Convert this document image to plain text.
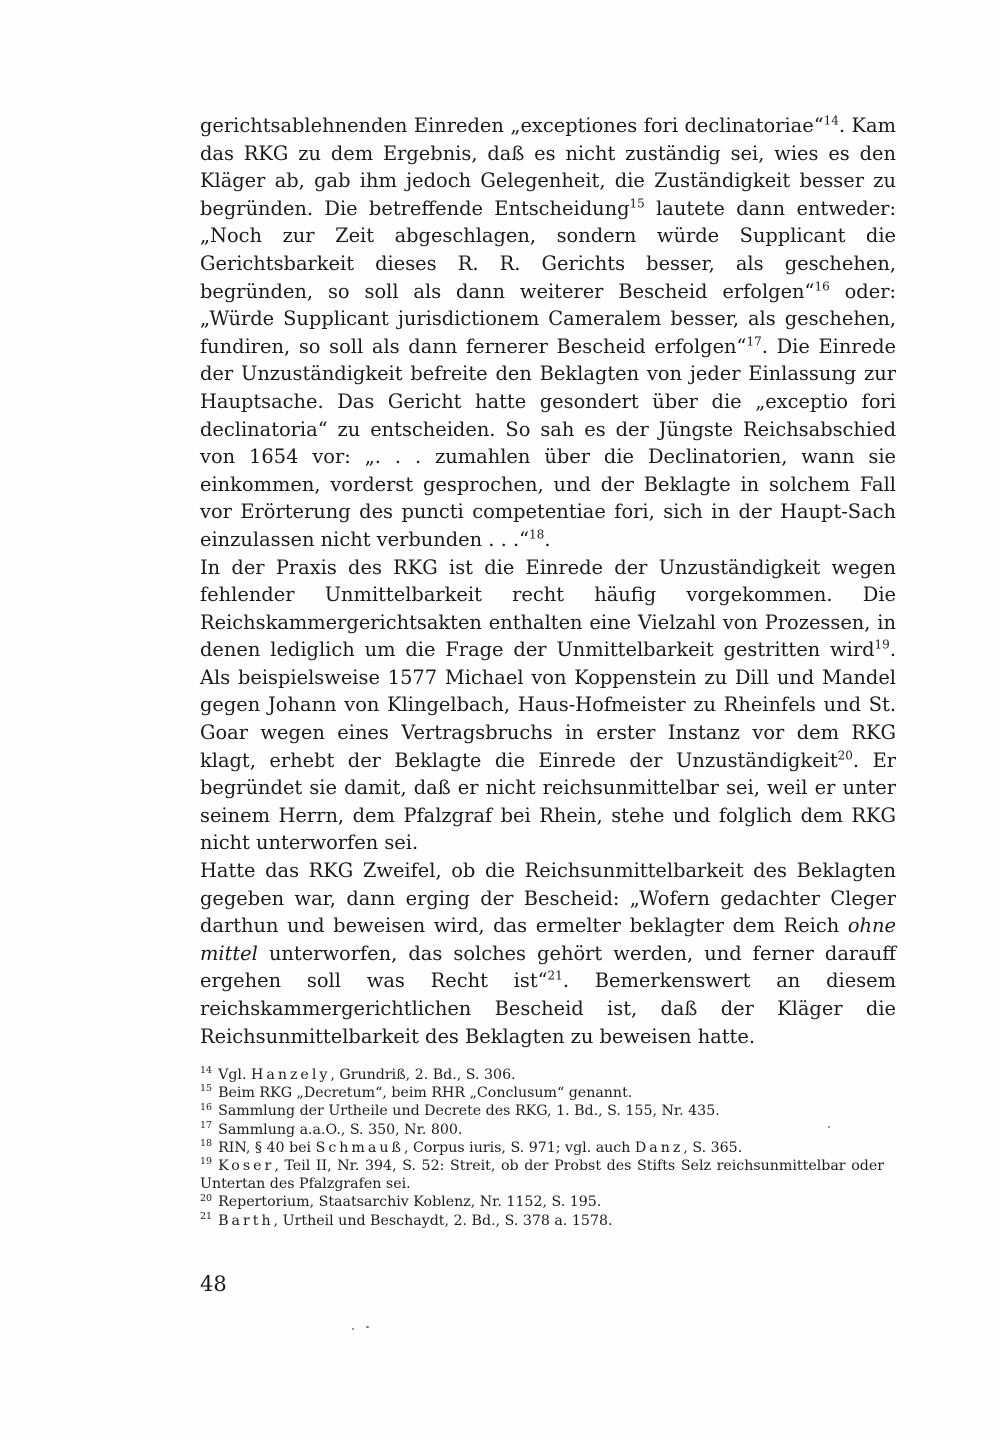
gerichtsablehnenden Einreden „exceptiones fori declinatoriae“$^{14}$. Kam das RKG zu dem Ergebnis, daß es nicht zuständig sei, wies es den Kläger ab, gab ihm jedoch Gelegenheit, die Zuständigkeit besser zu begründen. Die betreffende Entscheidung$^{15}$ lautete dann entweder: „Noch zur Zeit abgeschlagen, sondern würde Supplicant die Gerichtsbarkeit dieses R. R. Gerichts besser, als geschehen, begründen, so soll als dann weiterer Bescheid erfolgen“$^{16}$ oder: „Würde Supplicant jurisdictionem Cameralem besser, als geschehen, fundiren, so soll als dann fernerer Bescheid erfolgen“$^{17}$. Die Einrede der Unzuständigkeit befreite den Beklagten von jeder Einlassung zur Hauptsache. Das Gericht hatte gesondert über die „exceptio fori declinatoria“ zu entscheiden. So sah es der Jüngste Reichsabschied von 1654 vor: „. . . zumahlen über die Declinatorien, wann sie einkommen, vorderst gesprochen, und der Beklagte in solchem Fall vor Erörterung des puncti competentiae fori, sich in der Haupt-Sach einzulassen nicht verbunden . . .“$^{18}$.

In der Praxis des RKG ist die Einrede der Unzuständigkeit wegen fehlender Unmittelbarkeit recht häufig vorgekommen. Die Reichskammergerichtsakten enthalten eine Vielzahl von Prozessen, in denen lediglich um die Frage der Unmittelbarkeit gestritten wird$^{19}$. Als beispielsweise 1577 Michael von Koppenstein zu Dill und Mandel gegen Johann von Klingelbach, Haus-Hofmeister zu Rheinfels und St. Goar wegen eines Vertragsbruchs in erster Instanz vor dem RKG klagt, erhebt der Beklagte die Einrede der Unzuständigkeit$^{20}$. Er begründet sie damit, daß er nicht reichsunmittelbar sei, weil er unter seinem Herrn, dem Pfalzgraf bei Rhein, stehe und folglich dem RKG nicht unterworfen sei.

Hatte das RKG Zweifel, ob die Reichsunmittelbarkeit des Beklagten gegeben war, dann erging der Bescheid: „Wofern gedachter Cleger darthun und beweisen wird, das ermelter beklagter dem Reich ohne mittel unterworfen, das solches gehört werden, und ferner darauff ergehen soll was Recht ist“$^{21}$. Bemerkenswert an diesem reichskammergerichtlichen Bescheid ist, daß der Kläger die Reichsunmittelbarkeit des Beklagten zu beweisen hatte.

$^{14}$ Vgl. Hanzely, Grundriß, 2. Bd., S. 306.

$^{15}$ Beim RKG „Decretum“, beim RHR „Conclusum“ genannt.

$^{16}$ Sammlung der Urtheile und Decrete des RKG, 1. Bd., S. 155, Nr. 435.

$^{17}$ Sammlung a.a.O., S. 350, Nr. 800.

$^{18}$ RIN, § 40 bei Schmauß, Corpus iuris, S. 971; vgl. auch Danz, S. 365.

$^{19}$ Koser, Teil II, Nr. 394, S. 52: Streit, ob der Probst des Stifts Selz reichsunmittelbar oder Untertan des Pfalzgrafen sei.

$^{20}$ Repertorium, Staatsarchiv Koblenz, Nr. 1152, S. 195.

$^{21}$ Barth, Urtheil und Beschaydt, 2. Bd., S. 378 a. 1578.

48
